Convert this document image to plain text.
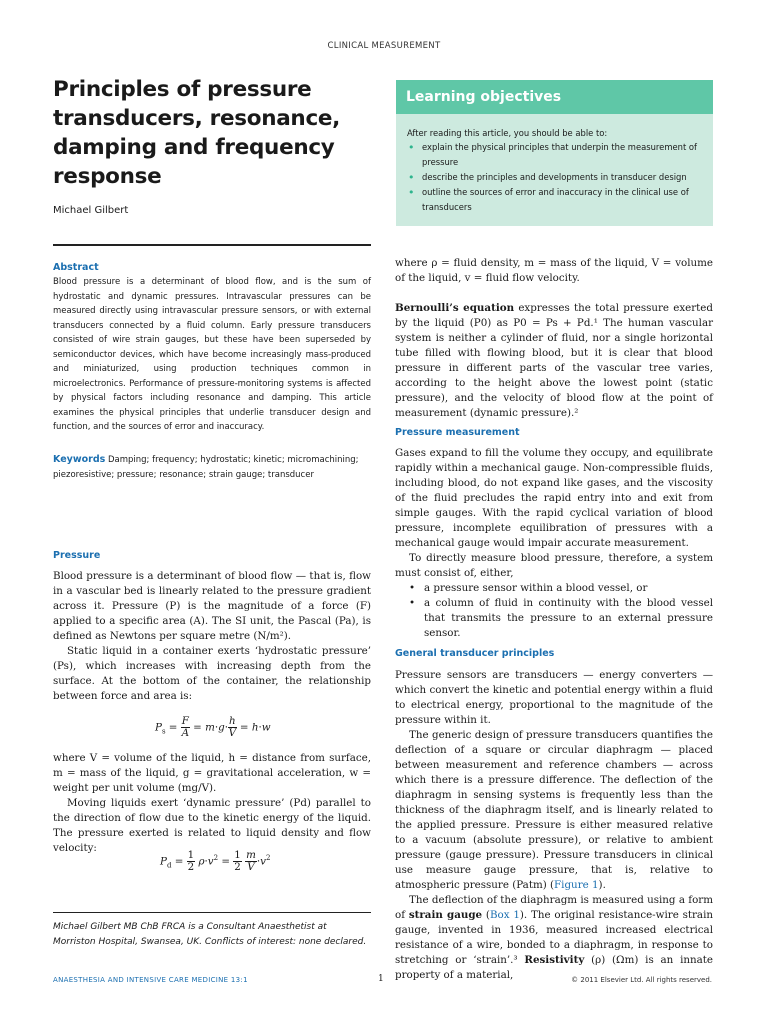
CLINICAL MEASUREMENT
Principles of pressure transducers, resonance, damping and frequency response
Michael Gilbert
Learning objectives
After reading this article, you should be able to:
• explain the physical principles that underpin the measurement of pressure
• describe the principles and developments in transducer design
• outline the sources of error and inaccuracy in the clinical use of transducers
Abstract
Blood pressure is a determinant of blood flow, and is the sum of hydrostatic and dynamic pressures. Intravascular pressures can be measured directly using intravascular pressure sensors, or with external transducers connected by a fluid column. Early pressure transducers consisted of wire strain gauges, but these have been superseded by semiconductor devices, which have become increasingly mass-produced and miniaturized, using production techniques common in microelectronics. Performance of pressure-monitoring systems is affected by physical factors including resonance and damping. This article examines the physical principles that underlie transducer design and function, and the sources of error and inaccuracy.
Keywords Damping; frequency; hydrostatic; kinetic; micromachining; piezoresistive; pressure; resonance; strain gauge; transducer
Pressure

Blood pressure is a determinant of blood flow — that is, flow in a vascular bed is linearly related to the pressure gradient across it. Pressure (P) is the magnitude of a force (F) applied to a specific area (A). The SI unit, the Pascal (Pa), is defined as Newtons per square metre (N/m²).

Static liquid in a container exerts ‘hydrostatic pressure’ (Ps), which increases with increasing depth from the surface. At the bottom of the container, the relationship between force and area is:

$P_s = \frac{F}{A} = m\cdot g\cdot \frac{h}{V} = h\cdot w$

where V = volume of the liquid, h = distance from surface, m = mass of the liquid, g = gravitational acceleration, w = weight per unit volume (mg/V).

Moving liquids exert ‘dynamic pressure’ (Pd) parallel to the direction of flow due to the kinetic energy of the liquid. The pressure exerted is related to liquid density and flow velocity:

$P_d = \frac{1}{2} \rho\cdot v^2 = \frac{1}{2}$
$\frac{m}{V} \cdot v^2$
Michael Gilbert MB ChB FRCA is a Consultant Anaesthetist at Morriston Hospital, Swansea, UK. Conflicts of interest: none declared.

where ρ = fluid density, m = mass of the liquid, V = volume of the liquid, v = fluid flow velocity.

Bernoulli’s equation expresses the total pressure exerted by the liquid (P0) as P0 = Ps + Pd.¹ The human vascular system is neither a cylinder of fluid, nor a single horizontal tube filled with flowing blood, but it is clear that blood pressure in different parts of the vascular tree varies, according to the height above the lowest point (static pressure), and the velocity of blood flow at the point of measurement (dynamic pressure).²

Pressure measurement

Gases expand to fill the volume they occupy, and equilibrate rapidly within a mechanical gauge. Non-compressible fluids, including blood, do not expand like gases, and the viscosity of the fluid precludes the rapid entry into and exit from simple gauges. With the rapid cyclical variation of blood pressure, incomplete equilibration of pressures with a mechanical gauge would impair accurate measurement.

To directly measure blood pressure, therefore, a system must consist of, either,

• a pressure sensor within a blood vessel, or
• a column of fluid in continuity with the blood vessel that transmits the pressure to an external pressure sensor.
General transducer principles

Pressure sensors are transducers — energy converters — which convert the kinetic and potential energy within a fluid to electrical energy, proportional to the magnitude of the pressure within it.

The generic design of pressure transducers quantifies the deflection of a square or circular diaphragm — placed between measurement and reference chambers — across which there is a pressure difference. The deflection of the diaphragm in sensing systems is frequently less than the thickness of the diaphragm itself, and is linearly related to the applied pressure. Pressure is either measured relative to a vacuum (absolute pressure), or relative to ambient pressure (gauge pressure). Pressure transducers in clinical use measure gauge pressure, that is, relative to atmospheric pressure (Patm) (Figure 1).

The deflection of the diaphragm is measured using a form of strain gauge (Box 1). The original resistance-wire strain gauge, invented in 1936, measured increased electrical resistance of a wire, bonded to a diaphragm, in response to stretching or ‘strain’.³ Resistivity (ρ) (Ωm) is an innate property of a material,

ANAESTHESIA AND INTENSIVE CARE MEDICINE 13:1	1	© 2011 Elsevier Ltd. All rights reserved.
